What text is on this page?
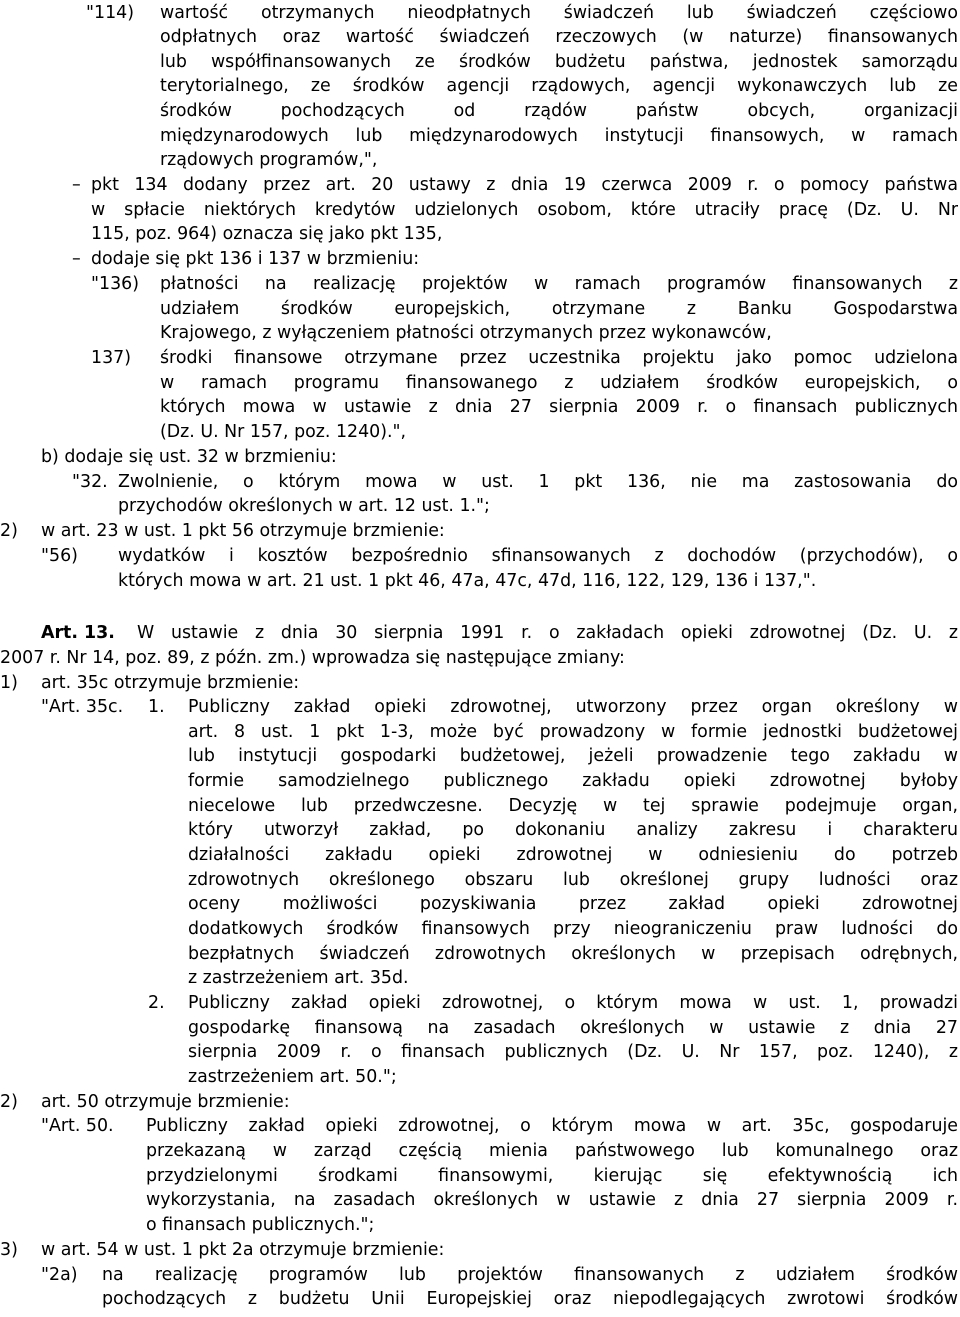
"114) wartość otrzymanych nieodpłatnych świadczeń lub świadczeń częściowo
odpłatnych oraz wartość świadczeń rzeczowych (w naturze) finansowanych
lub współfinansowanych ze środków budżetu państwa, jednostek samorządu
terytorialnego, ze środków agencji rządowych, agencji wykonawczych lub ze
środków pochodzących od rządów państw obcych, organizacji
międzynarodowych lub międzynarodowych instytucji finansowych, w ramach
rządowych programów,",
– pkt 134 dodany przez art. 20 ustawy z dnia 19 czerwca 2009 r. o pomocy państwa
w spłacie niektórych kredytów udzielonych osobom, które utraciły pracę (Dz. U. Nr
115, poz. 964) oznacza się jako pkt 135,
– dodaje się pkt 136 i 137 w brzmieniu:
"136) płatności na realizację projektów w ramach programów finansowanych z
udziałem środków europejskich, otrzymane z Banku Gospodarstwa
Krajowego, z wyłączeniem płatności otrzymanych przez wykonawców,
137) środki finansowe otrzymane przez uczestnika projektu jako pomoc udzielona
w ramach programu finansowanego z udziałem środków europejskich, o
których mowa w ustawie z dnia 27 sierpnia 2009 r. o finansach publicznych
(Dz. U. Nr 157, poz. 1240).",
b) dodaje się ust. 32 w brzmieniu:
"32. Zwolnienie, o którym mowa w ust. 1 pkt 136, nie ma zastosowania do
przychodów określonych w art. 12 ust. 1.";
2) w art. 23 w ust. 1 pkt 56 otrzymuje brzmienie:
"56) wydatków i kosztów bezpośrednio sfinansowanych z dochodów (przychodów), o
których mowa w art. 21 ust. 1 pkt 46, 47a, 47c, 47d, 116, 122, 129, 136 i 137,".
Art. 13. W ustawie z dnia 30 sierpnia 1991 r. o zakładach opieki zdrowotnej (Dz. U. z
2007 r. Nr 14, poz. 89, z późn. zm.) wprowadza się następujące zmiany:
1) art. 35c otrzymuje brzmienie:
"Art. 35c. 1. Publiczny zakład opieki zdrowotnej, utworzony przez organ określony w
art. 8 ust. 1 pkt 1-3, może być prowadzony w formie jednostki budżetowej
lub instytucji gospodarki budżetowej, jeżeli prowadzenie tego zakładu w
formie samodzielnego publicznego zakładu opieki zdrowotnej byłoby
niecelowe lub przedwczesne. Decyzję w tej sprawie podejmuje organ,
który utworzył zakład, po dokonaniu analizy zakresu i charakteru
działalności zakładu opieki zdrowotnej w odniesieniu do potrzeb
zdrowotnych określonego obszaru lub określonej grupy ludności oraz
oceny możliwości pozyskiwania przez zakład opieki zdrowotnej
dodatkowych środków finansowych przy nieograniczeniu praw ludności do
bezpłatnych świadczeń zdrowotnych określonych w przepisach odrębnych,
z zastrzeżeniem art. 35d.
2. Publiczny zakład opieki zdrowotnej, o którym mowa w ust. 1, prowadzi
gospodarkę finansową na zasadach określonych w ustawie z dnia 27
sierpnia 2009 r. o finansach publicznych (Dz. U. Nr 157, poz. 1240), z
zastrzeżeniem art. 50.";
2) art. 50 otrzymuje brzmienie:
"Art. 50. Publiczny zakład opieki zdrowotnej, o którym mowa w art. 35c, gospodaruje
przekazaną w zarząd częścią mienia państwowego lub komunalnego oraz
przydzielonymi środkami finansowymi, kierując się efektywnością ich
wykorzystania, na zasadach określonych w ustawie z dnia 27 sierpnia 2009 r.
o finansach publicznych.";
3) w art. 54 w ust. 1 pkt 2a otrzymuje brzmienie:
"2a) na realizację programów lub projektów finansowanych z udziałem środków
pochodzących z budżetu Unii Europejskiej oraz niepodlegających zwrotowi środków
